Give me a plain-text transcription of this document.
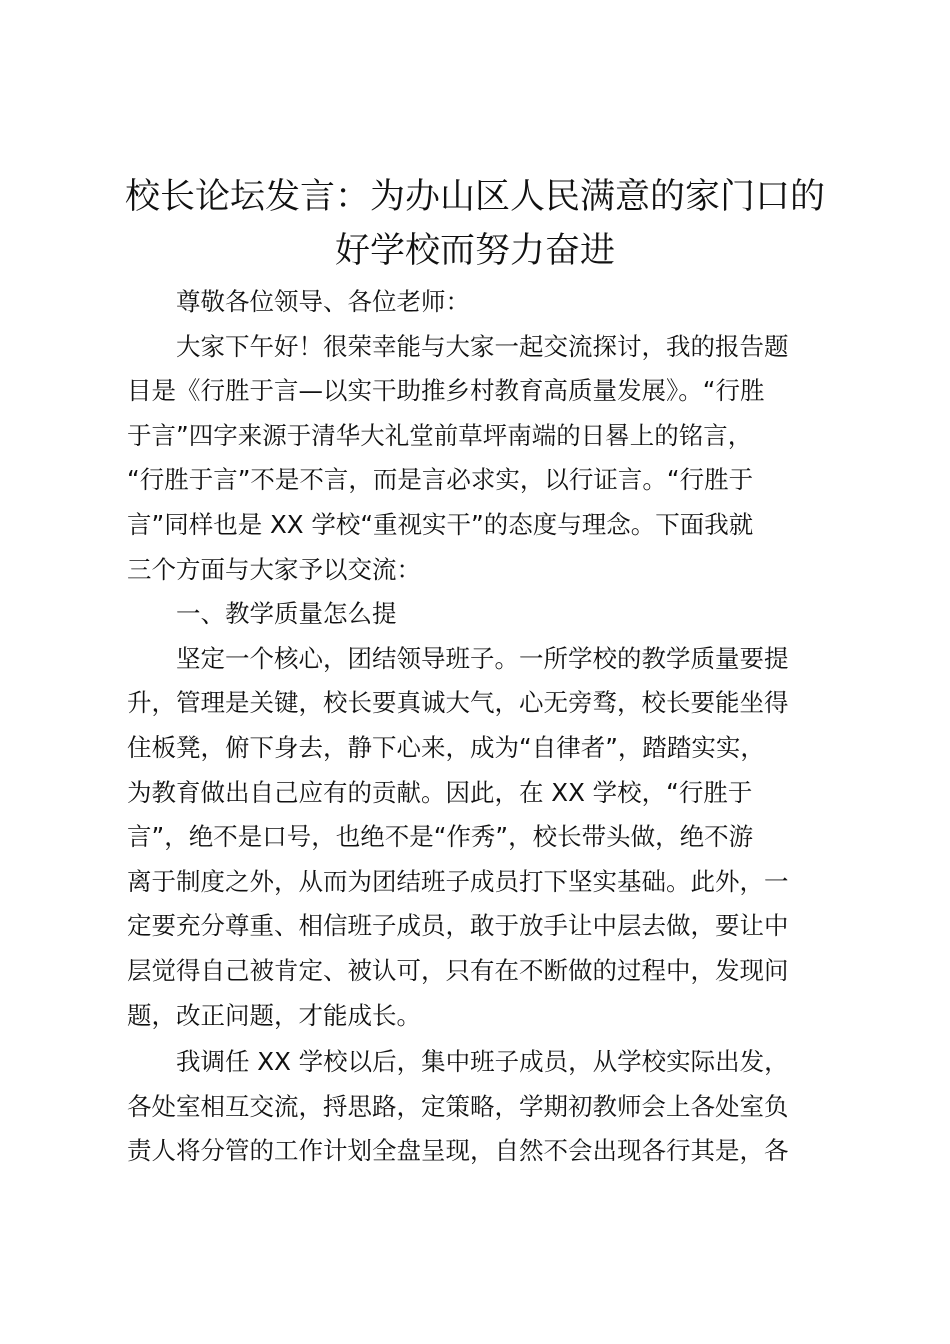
校长论坛发言：为办山区人民满意的家门口的
好学校而努力奋进

尊敬各位领导、各位老师：

大家下午好！很荣幸能与大家一起交流探讨，我的报告题
目是《行胜于言—以实干助推乡村教育高质量发展》。“行胜
于言”四字来源于清华大礼堂前草坪南端的日晷上的铭言，
“行胜于言”不是不言，而是言必求实，以行证言。“行胜于
言”同样也是 XX 学校“重视实干”的态度与理念。下面我就
三个方面与大家予以交流：

一、教学质量怎么提

坚定一个核心，团结领导班子。一所学校的教学质量要提
升，管理是关键，校长要真诚大气，心无旁骛，校长要能坐得
住板凳，俯下身去，静下心来，成为“自律者”，踏踏实实，
为教育做出自己应有的贡献。因此，在 XX 学校，“行胜于
言”，绝不是口号，也绝不是“作秀”，校长带头做，绝不游
离于制度之外，从而为团结班子成员打下坚实基础。此外，一
定要充分尊重、相信班子成员，敢于放手让中层去做，要让中
层觉得自己被肯定、被认可，只有在不断做的过程中，发现问
题，改正问题，才能成长。

我调任 XX 学校以后，集中班子成员，从学校实际出发，
各处室相互交流，捋思路，定策略，学期初教师会上各处室负
责人将分管的工作计划全盘呈现，自然不会出现各行其是，各
